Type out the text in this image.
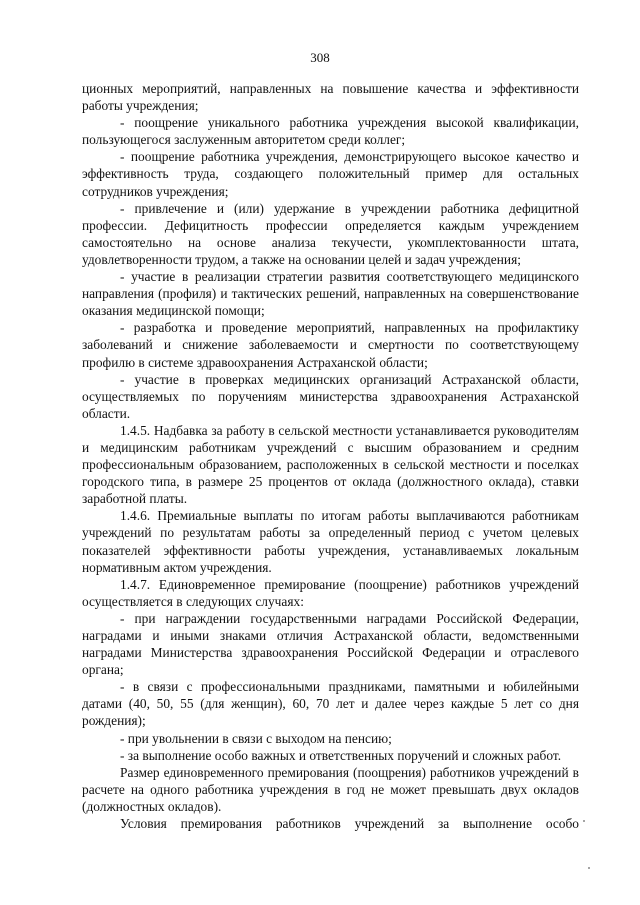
308

ционных мероприятий, направленных на повышение качества и эффективности работы учреждения;

- поощрение уникального работника учреждения высокой квалификации, пользующегося заслуженным авторитетом среди коллег;

- поощрение работника учреждения, демонстрирующего высокое качество и эффективность труда, создающего положительный пример для остальных сотрудников учреждения;

- привлечение и (или) удержание в учреждении работника дефицитной профессии. Дефицитность профессии определяется каждым учреждением самостоятельно на основе анализа текучести, укомплектованности штата, удовлетворенности трудом, а также на основании целей и задач учреждения;

- участие в реализации стратегии развития соответствующего медицинского направления (профиля) и тактических решений, направленных на совершенствование оказания медицинской помощи;

- разработка и проведение мероприятий, направленных на профилактику заболеваний и снижение заболеваемости и смертности по соответствующему профилю в системе здравоохранения Астраханской области;

- участие в проверках медицинских организаций Астраханской области, осуществляемых по поручениям министерства здравоохранения Астраханской области.

1.4.5. Надбавка за работу в сельской местности устанавливается руководителям и медицинским работникам учреждений с высшим образованием и средним профессиональным образованием, расположенных в сельской местности и поселках городского типа, в размере 25 процентов от оклада (должностного оклада), ставки заработной платы.

1.4.6. Премиальные выплаты по итогам работы выплачиваются работникам учреждений по результатам работы за определенный период с учетом целевых показателей эффективности работы учреждения, устанавливаемых локальным нормативным актом учреждения.

1.4.7. Единовременное премирование (поощрение) работников учреждений осуществляется в следующих случаях:

- при награждении государственными наградами Российской Федерации, наградами и иными знаками отличия Астраханской области, ведомственными наградами Министерства здравоохранения Российской Федерации и отраслевого органа;

- в связи с профессиональными праздниками, памятными и юбилейными датами (40, 50, 55 (для женщин), 60, 70 лет и далее через каждые 5 лет со дня рождения);

- при увольнении в связи с выходом на пенсию;

- за выполнение особо важных и ответственных поручений и сложных работ.

Размер единовременного премирования (поощрения) работников учреждений в расчете на одного работника учреждения в год не может превышать двух окладов (должностных окладов).

Условия премирования работников учреждений за выполнение особо
